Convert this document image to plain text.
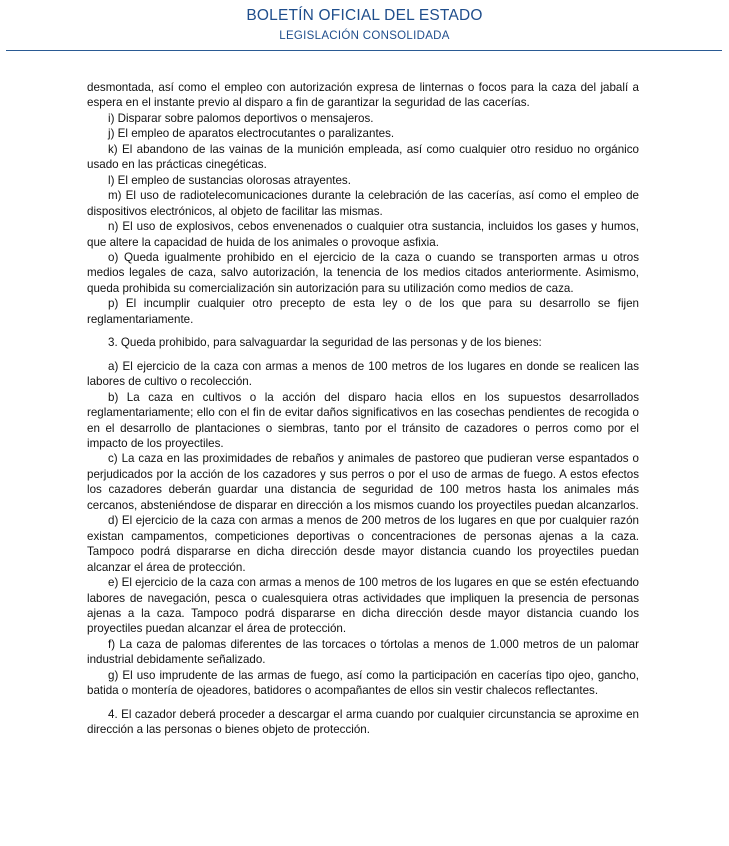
BOLETÍN OFICIAL DEL ESTADO
LEGISLACIÓN CONSOLIDADA

desmontada, así como el empleo con autorización expresa de linternas o focos para la caza del jabalí a espera en el instante previo al disparo a fin de garantizar la seguridad de las cacerías.

i) Disparar sobre palomos deportivos o mensajeros.

j) El empleo de aparatos electrocutantes o paralizantes.

k) El abandono de las vainas de la munición empleada, así como cualquier otro residuo no orgánico usado en las prácticas cinegéticas.

l) El empleo de sustancias olorosas atrayentes.

m) El uso de radiotelecomunicaciones durante la celebración de las cacerías, así como el empleo de dispositivos electrónicos, al objeto de facilitar las mismas.

n) El uso de explosivos, cebos envenenados o cualquier otra sustancia, incluidos los gases y humos, que altere la capacidad de huida de los animales o provoque asfixia.

o) Queda igualmente prohibido en el ejercicio de la caza o cuando se transporten armas u otros medios legales de caza, salvo autorización, la tenencia de los medios citados anteriormente. Asimismo, queda prohibida su comercialización sin autorización para su utilización como medios de caza.

p) El incumplir cualquier otro precepto de esta ley o de los que para su desarrollo se fijen reglamentariamente.

3. Queda prohibido, para salvaguardar la seguridad de las personas y de los bienes:

a) El ejercicio de la caza con armas a menos de 100 metros de los lugares en donde se realicen las labores de cultivo o recolección.

b) La caza en cultivos o la acción del disparo hacia ellos en los supuestos desarrollados reglamentariamente; ello con el fin de evitar daños significativos en las cosechas pendientes de recogida o en el desarrollo de plantaciones o siembras, tanto por el tránsito de cazadores o perros como por el impacto de los proyectiles.

c) La caza en las proximidades de rebaños y animales de pastoreo que pudieran verse espantados o perjudicados por la acción de los cazadores y sus perros o por el uso de armas de fuego. A estos efectos los cazadores deberán guardar una distancia de seguridad de 100 metros hasta los animales más cercanos, absteniéndose de disparar en dirección a los mismos cuando los proyectiles puedan alcanzarlos.

d) El ejercicio de la caza con armas a menos de 200 metros de los lugares en que por cualquier razón existan campamentos, competiciones deportivas o concentraciones de personas ajenas a la caza. Tampoco podrá dispararse en dicha dirección desde mayor distancia cuando los proyectiles puedan alcanzar el área de protección.

e) El ejercicio de la caza con armas a menos de 100 metros de los lugares en que se estén efectuando labores de navegación, pesca o cualesquiera otras actividades que impliquen la presencia de personas ajenas a la caza. Tampoco podrá dispararse en dicha dirección desde mayor distancia cuando los proyectiles puedan alcanzar el área de protección.

f) La caza de palomas diferentes de las torcaces o tórtolas a menos de 1.000 metros de un palomar industrial debidamente señalizado.

g) El uso imprudente de las armas de fuego, así como la participación en cacerías tipo ojeo, gancho, batida o montería de ojeadores, batidores o acompañantes de ellos sin vestir chalecos reflectantes.

4. El cazador deberá proceder a descargar el arma cuando por cualquier circunstancia se aproxime en dirección a las personas o bienes objeto de protección.
